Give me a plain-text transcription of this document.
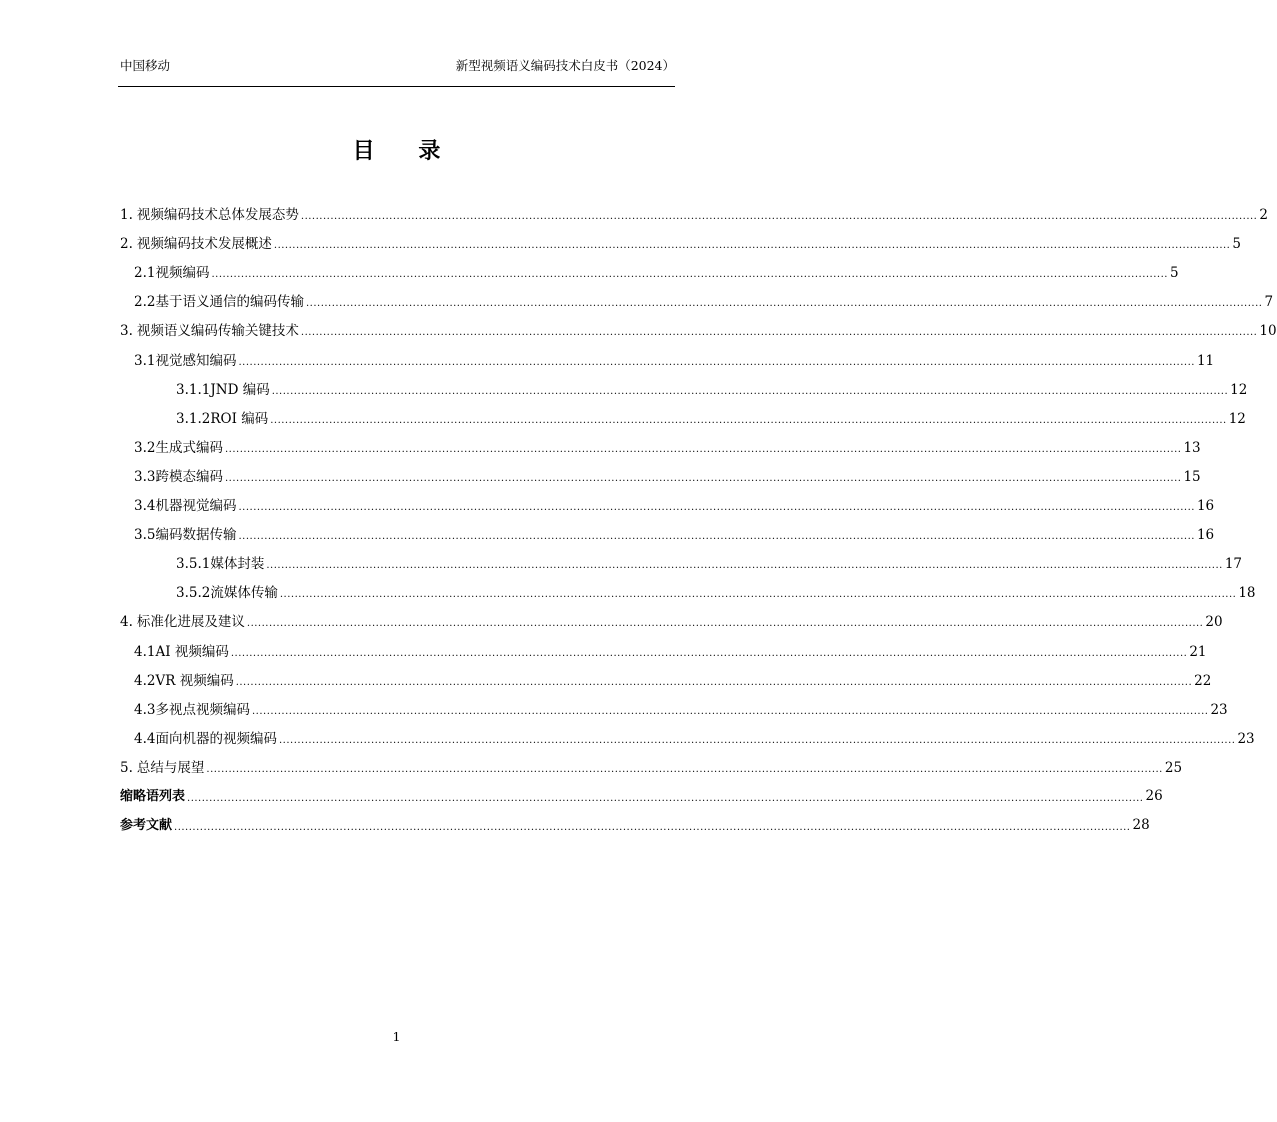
中国移动	新型视频语义编码技术白皮书（2024）
目 录
1. 视频编码技术总体发展态势 .................................................................................................................................................................................................................................................................... 2
2. 视频编码技术发展概述 .................................................................................................................................................................................................................................................................... 5
2.1 视频编码 .................................................................................................................................................................................................................................................................... 5
2.2 基于语义通信的编码传输 .................................................................................................................................................................................................................................................................... 7
3. 视频语义编码传输关键技术 .................................................................................................................................................................................................................................................................... 10
3.1 视觉感知编码 .................................................................................................................................................................................................................................................................... 11
3.1.1 JND 编码 .................................................................................................................................................................................................................................................................... 12
3.1.2 ROI 编码 .................................................................................................................................................................................................................................................................... 12
3.2 生成式编码 .................................................................................................................................................................................................................................................................... 13
3.3 跨模态编码 .................................................................................................................................................................................................................................................................... 15
3.4 机器视觉编码 .................................................................................................................................................................................................................................................................... 16
3.5 编码数据传输 .................................................................................................................................................................................................................................................................... 16
3.5.1 媒体封装 .................................................................................................................................................................................................................................................................... 17
3.5.2 流媒体传输 .................................................................................................................................................................................................................................................................... 18
4. 标准化进展及建议 .................................................................................................................................................................................................................................................................... 20
4.1 AI 视频编码 .................................................................................................................................................................................................................................................................... 21
4.2 VR 视频编码 .................................................................................................................................................................................................................................................................... 22
4.3 多视点视频编码 .................................................................................................................................................................................................................................................................... 23
4.4 面向机器的视频编码 .................................................................................................................................................................................................................................................................... 23
5. 总结与展望 .................................................................................................................................................................................................................................................................... 25
缩略语列表 .................................................................................................................................................................................................................................................................... 26
参考文献 .................................................................................................................................................................................................................................................................... 28
1
